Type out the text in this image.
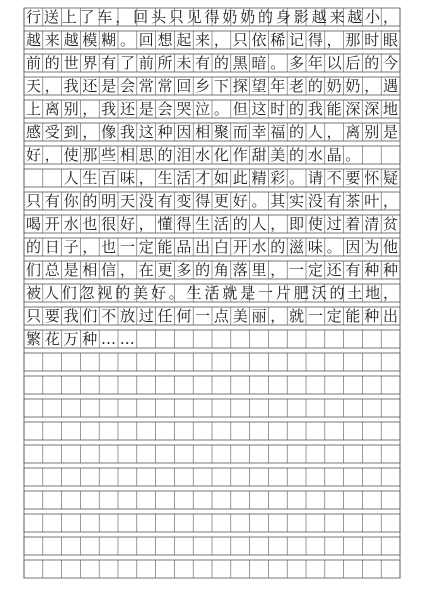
行送上了车，回头只见得奶奶的身影越来越小，
越来越模糊。回想起来，只依稀记得，那时眼
前的世界有了前所未有的黑暗。多年以后的今
天，我还是会常常回乡下探望年老的奶奶，遇
上离别，我还是会哭泣。但这时的我能深深地
感受到，像我这种因相聚而幸福的人，离别是
好，使那些相思的泪水化作甜美的水晶。
　　人生百味，生活才如此精彩。请不要怀疑
只有你的明天没有变得更好。其实没有茶叶，
喝开水也很好，懂得生活的人，即使过着清贫
的日子，也一定能品出白开水的滋味。因为他
们总是相信，在更多的角落里，一定还有种种
被人们忽视的美好。生活就是一片肥沃的土地，
只要我们不放过任何一点美丽，就一定能种出
繁花万种……
